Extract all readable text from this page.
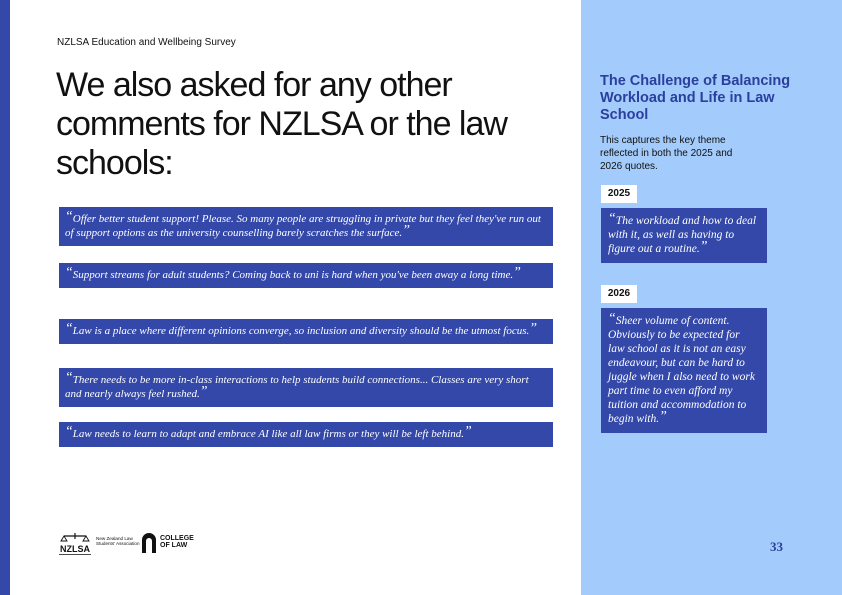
NZLSA Education and Wellbeing Survey
We also asked for any other comments for NZLSA or the law schools:
“Offer better student support! Please. So many people are struggling in private but they feel they've run out of support options as the university counselling barely scratches the surface.”
“Support streams for adult students? Coming back to uni is hard when you've been away a long time.”
“Law is a place where different opinions converge, so inclusion and diversity should be the utmost focus.”
“There needs to be more in-class interactions to help students build connections... Classes are very short and nearly always feel rushed.”
“Law needs to learn to adapt and embrace AI like all law firms or they will be left behind.”
The Challenge of Balancing Workload and Life in Law School
This captures the key theme reflected in both the 2025 and 2026 quotes.
2025
“The workload and how to deal with it, as well as having to figure out a routine.”
2026
“Sheer volume of content. Obviously to be expected for law school as it is not an easy endeavour, but can be hard to juggle when I also need to work part time to even afford my tuition and accommodation to begin with.”
33
NZLSA
New Zealand Law Students' Association
COLLEGE
OF LAW
